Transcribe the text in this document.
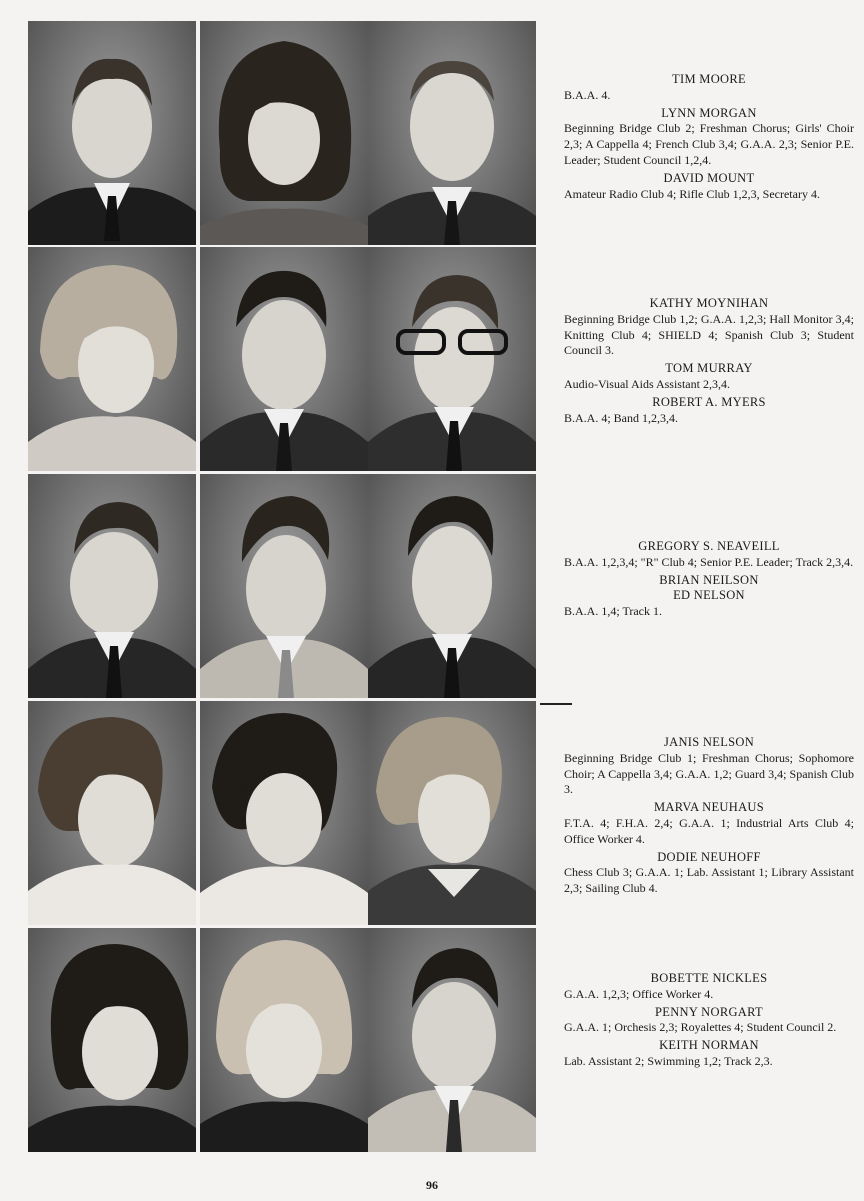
TIM MOORE

B.A.A. 4.

LYNN MORGAN

Beginning Bridge Club 2; Freshman Chorus; Girls' Choir 2,3; A Cappella 4; French Club 3,4; G.A.A. 2,3; Senior P.E. Leader; Student Council 1,2,4.

DAVID MOUNT

Amateur Radio Club 4; Rifle Club 1,2,3, Secretary 4.

KATHY MOYNIHAN

Beginning Bridge Club 1,2; G.A.A. 1,2,3; Hall Monitor 3,4; Knitting Club 4; SHIELD 4; Spanish Club 3; Student Council 3.

TOM MURRAY

Audio-Visual Aids Assistant 2,3,4.

ROBERT A. MYERS

B.A.A. 4; Band 1,2,3,4.

GREGORY S. NEAVEILL

B.A.A. 1,2,3,4; "R" Club 4; Senior P.E. Leader; Track 2,3,4.

BRIAN NEILSON

ED NELSON

B.A.A. 1,4; Track 1.

JANIS NELSON

Beginning Bridge Club 1; Freshman Chorus; Sophomore Choir; A Cappella 3,4; G.A.A. 1,2; Guard 3,4; Spanish Club 3.

MARVA NEUHAUS

F.T.A. 4; F.H.A. 2,4; G.A.A. 1; Industrial Arts Club 4; Office Worker 4.

DODIE NEUHOFF

Chess Club 3; G.A.A. 1; Lab. Assistant 1; Library Assistant 2,3; Sailing Club 4.

BOBETTE NICKLES

G.A.A. 1,2,3; Office Worker 4.

PENNY NORGART

G.A.A. 1; Orchesis 2,3; Royalettes 4; Student Council 2.

KEITH NORMAN

Lab. Assistant 2; Swimming 1,2; Track 2,3.

96
